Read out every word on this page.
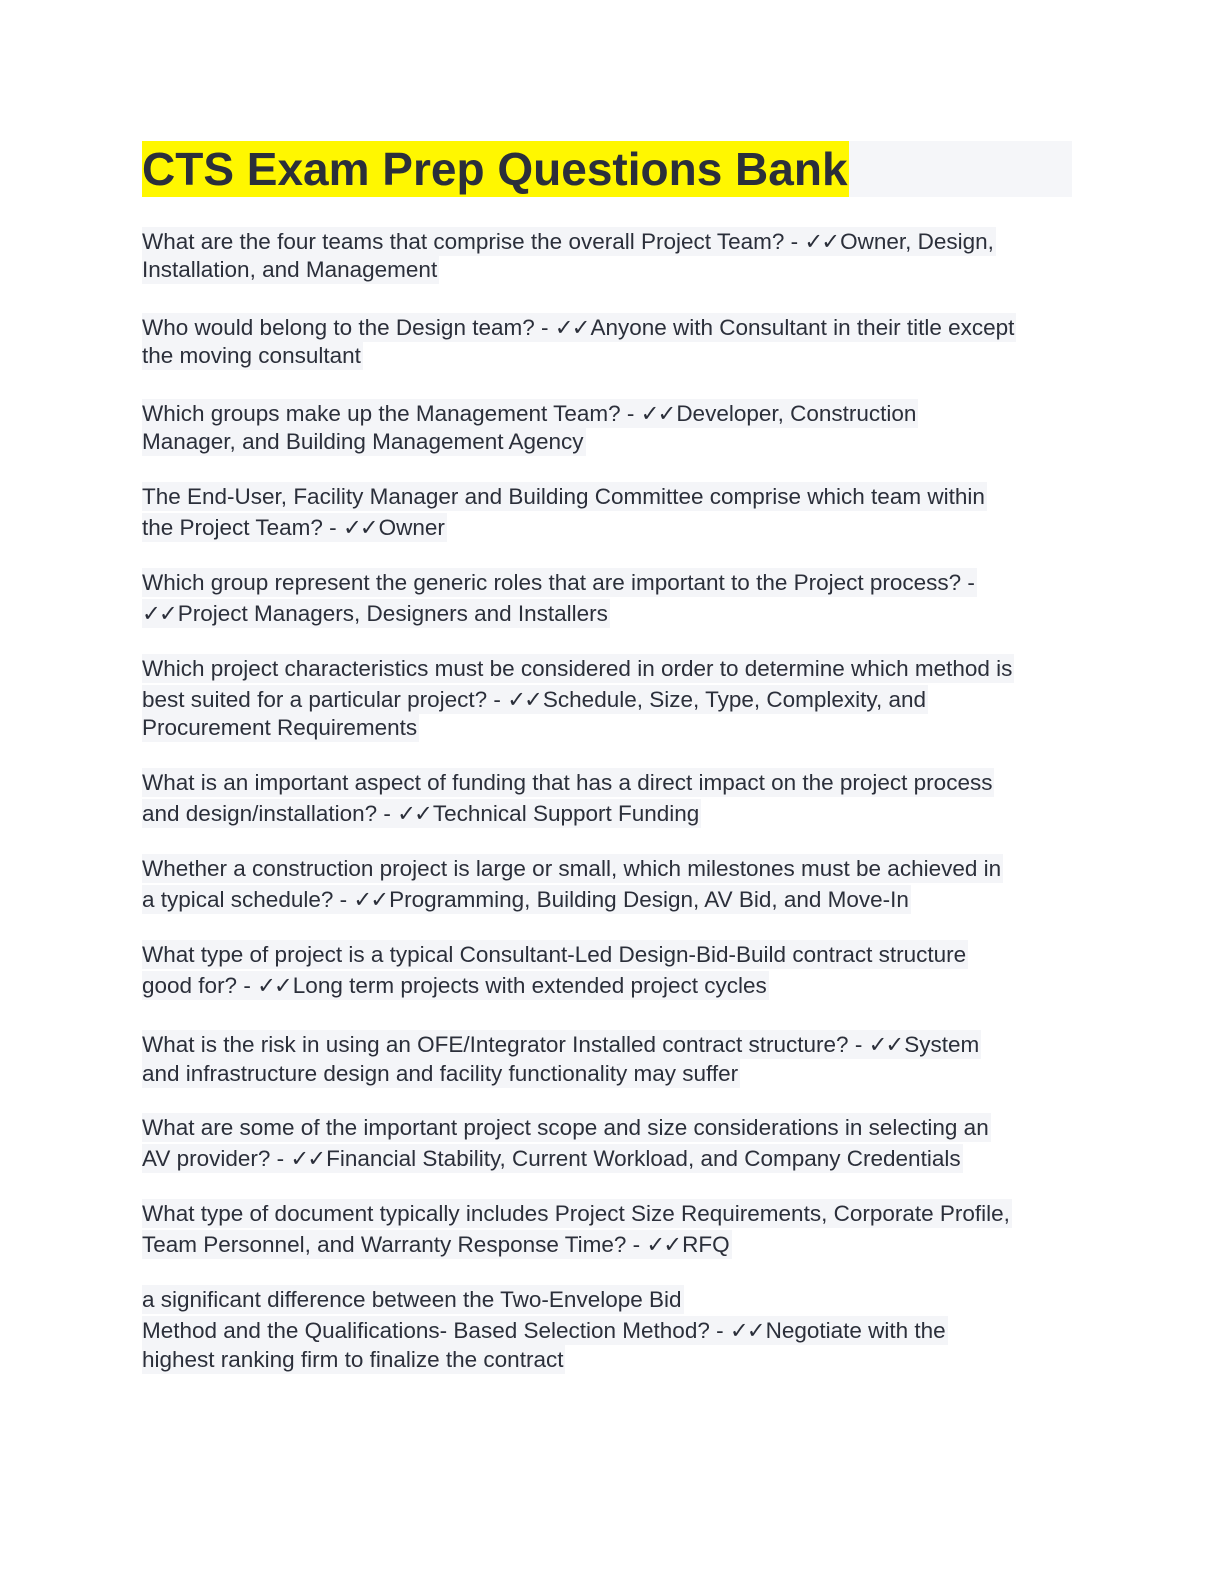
CTS Exam Prep Questions Bank
What are the four teams that comprise the overall Project Team? - ✓✓Owner, Design,
Installation, and Management
Who would belong to the Design team? - ✓✓Anyone with Consultant in their title except
the moving consultant
Which groups make up the Management Team? - ✓✓Developer, Construction
Manager, and Building Management Agency
The End-User, Facility Manager and Building Committee comprise which team within
the Project Team? - ✓✓Owner
Which group represent the generic roles that are important to the Project process? -
✓✓Project Managers, Designers and Installers
Which project characteristics must be considered in order to determine which method is
best suited for a particular project? - ✓✓Schedule, Size, Type, Complexity, and
Procurement Requirements
What is an important aspect of funding that has a direct impact on the project process
and design/installation? - ✓✓Technical Support Funding
Whether a construction project is large or small, which milestones must be achieved in
a typical schedule? - ✓✓Programming, Building Design, AV Bid, and Move-In
What type of project is a typical Consultant-Led Design-Bid-Build contract structure
good for? - ✓✓Long term projects with extended project cycles
What is the risk in using an OFE/Integrator Installed contract structure? - ✓✓System
and infrastructure design and facility functionality may suffer
What are some of the important project scope and size considerations in selecting an
AV provider? - ✓✓Financial Stability, Current Workload, and Company Credentials
What type of document typically includes Project Size Requirements, Corporate Profile,
Team Personnel, and Warranty Response Time? - ✓✓RFQ
a significant difference between the Two-Envelope Bid
Method and the Qualifications- Based Selection Method? - ✓✓Negotiate with the
highest ranking firm to finalize the contract
